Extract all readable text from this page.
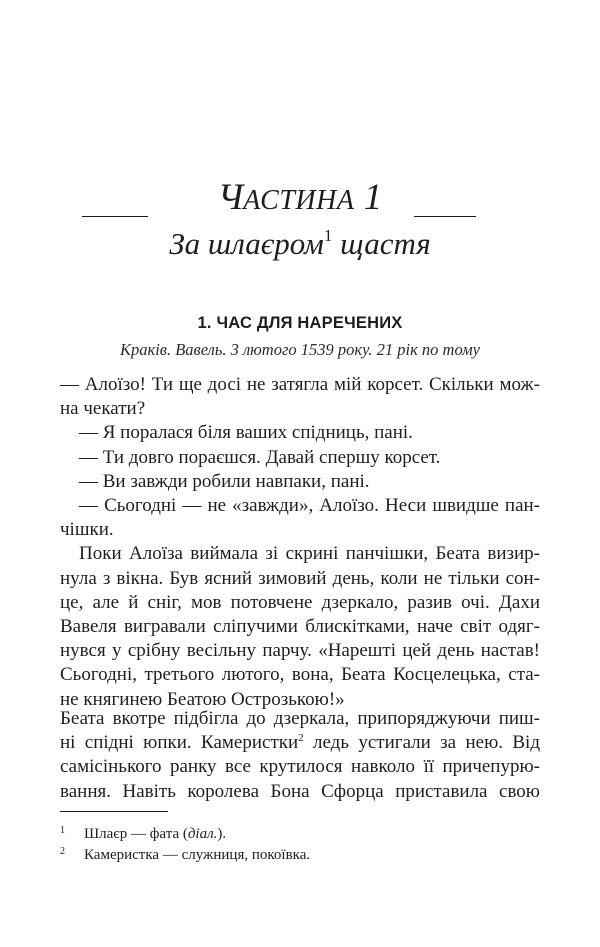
ЧАСТИНА 1
За шлаєром$^1$ щастя
1. ЧАС ДЛЯ НАРЕЧЕНИХ
Краків. Вавель. 3 лютого 1539 року. 21 рік по тому
— Алоїзо! Ти ще досі не затягла мій корсет. Скільки мож-
на чекати?
— Я поралася біля ваших спідниць, пані.
— Ти довго пораєшся. Давай спершу корсет.
— Ви завжди робили навпаки, пані.
— Сьогодні — не «завжди», Алоїзо. Неси швидше пан-
чішки.
Поки Алоїза виймала зі скрині панчішки, Беата визир-
нула з вікна. Був ясний зимовий день, коли не тільки сон-
це, але й сніг, мов потовчене дзеркало, разив очі. Дахи
Вавеля вигравали сліпучими блискітками, наче світ одяг-
нувся у срібну весільну парчу. «Нарешті цей день настав!
Сьогодні, третього лютого, вона, Беата Косцелецька, ста-
не княгинею Беатою Острозькою!»
Беата вкотре підбігла до дзеркала, припоряджуючи пиш-
ні спідні юпки. Камеристки$^2$ ледь устигали за нею. Від
самісінького ранку все крутилося навколо її причепурю-
вання. Навіть королева Бона Сфорца приставила свою
1 Шлаєр — фата (діал.).
2 Камеристка — служниця, покоївка.
